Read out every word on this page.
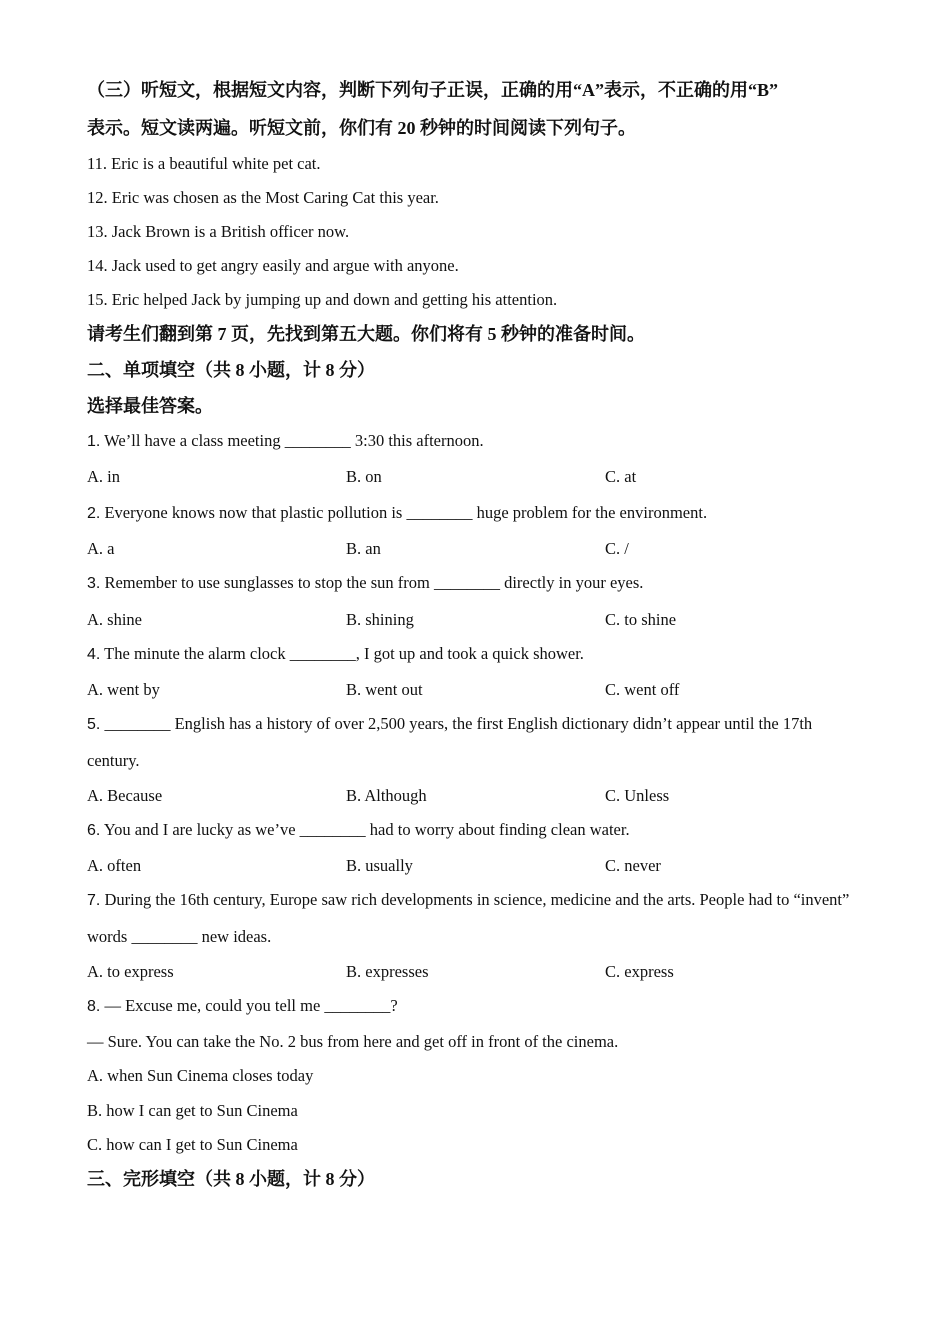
（三）听短文，根据短文内容，判断下列句子正误，正确的用“A”表示，不正确的用“B”
表示。短文读两遍。听短文前，你们有 20 秒钟的时间阅读下列句子。
11. Eric is a beautiful white pet cat.
12. Eric was chosen as the Most Caring Cat this year.
13. Jack Brown is a British officer now.
14. Jack used to get angry easily and argue with anyone.
15. Eric helped Jack by jumping up and down and getting his attention.
请考生们翻到第 7 页，先找到第五大题。你们将有 5 秒钟的准备时间。
二、单项填空（共 8 小题，计 8 分）
选择最佳答案。
1. We’ll have a class meeting ________ 3:30 this afternoon.
A. in	B. on	C. at
2. Everyone knows now that plastic pollution is ________ huge problem for the environment.
A. a	B. an	C. /
3. Remember to use sunglasses to stop the sun from ________ directly in your eyes.
A. shine	B. shining	C. to shine
4. The minute the alarm clock ________, I got up and took a quick shower.
A. went by	B. went out	C. went off
5. ________ English has a history of over 2,500 years, the first English dictionary didn’t appear until the 17th
century.
A. Because	B. Although	C. Unless
6. You and I are lucky as we’ve ________ had to worry about finding clean water.
A. often	B. usually	C. never
7. During the 16th century, Europe saw rich developments in science, medicine and the arts. People had to “invent”
words ________ new ideas.
A. to express	B. expresses	C. express
8. — Excuse me, could you tell me ________?
— Sure. You can take the No. 2 bus from here and get off in front of the cinema.
A. when Sun Cinema closes today
B. how I can get to Sun Cinema
C. how can I get to Sun Cinema
三、完形填空（共 8 小题，计 8 分）
